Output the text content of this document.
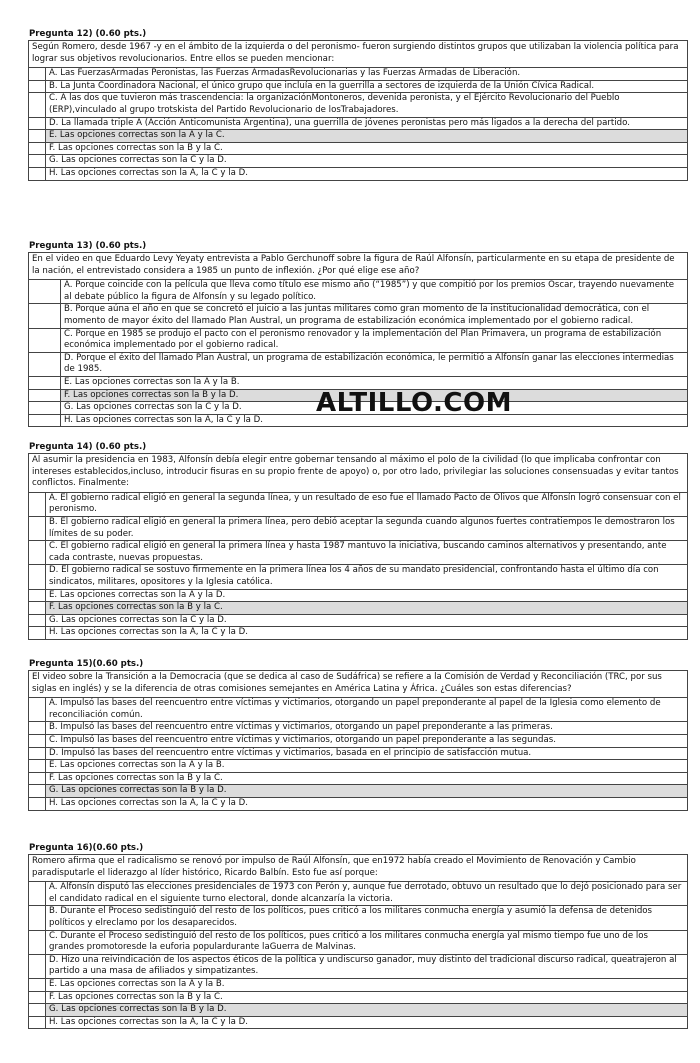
Pregunta 12) (0.60 pts.)
Según Romero, desde 1967 -y en el ámbito de la izquierda o del peronismo- fueron surgiendo distintos grupos que utilizaban la violencia política para lograr sus objetivos revolucionarios. Entre ellos se pueden mencionar:
A. Las FuerzasArmadas Peronistas, las Fuerzas ArmadasRevolucionarias y las Fuerzas Armadas de Liberación.
B. La Junta Coordinadora Nacional, el único grupo que incluía en la guerrilla a sectores de izquierda de la Unión Cívica Radical.
C. A las dos que tuvieron más trascendencia: la organizaciónMontoneros, devenida peronista, y el Ejército Revolucionario del Pueblo (ERP),vinculado al grupo trotskista del Partido Revolucionario de losTrabajadores.
D. La llamada triple A (Acción Anticomunista Argentina), una guerrilla de jóvenes peronistas pero más ligados a la derecha del partido.
E. Las opciones correctas son la A y la C.
F. Las opciones correctas son la B y la C.
G. Las opciones correctas son la C y la D.
H. Las opciones correctas son la A, la C y la D.
Pregunta 13) (0.60 pts.)
En el video en que Eduardo Levy Yeyaty entrevista a Pablo Gerchunoff sobre la figura de Raúl Alfonsín, particularmente en su etapa de presidente de la nación, el entrevistado considera a 1985 un punto de inflexión. ¿Por qué elige ese año?
A. Porque coincide con la película que lleva como título ese mismo año (“1985”) y que compitió por los premios Oscar, trayendo nuevamente al debate público la figura de Alfonsín y su legado político.
B. Porque aúna el año en que se concretó el juicio a las juntas militares como gran momento de la institucionalidad democrática, con el momento de mayor éxito del llamado Plan Austral, un programa de estabilización económica implementado por el gobierno radical.
C. Porque en 1985 se produjo el pacto con el peronismo renovador y la implementación del Plan Primavera, un programa de estabilización económica implementado por el gobierno radical.
D. Porque el éxito del llamado Plan Austral, un programa de estabilización económica, le permitió a Alfonsín ganar las elecciones intermedias de 1985.
E. Las opciones correctas son la A y la B.
F. Las opciones correctas son la B y la D.
G. Las opciones correctas son la C y la D.
H. Las opciones correctas son la A, la C y la D.
ALTILLO.COM
Pregunta 14) (0.60 pts.)
Al asumir la presidencia en 1983, Alfonsín debía elegir entre gobernar tensando al máximo el polo de la civilidad (lo que implicaba confrontar con intereses establecidos,incluso, introducir fisuras en su propio frente de apoyo) o, por otro lado, privilegiar las soluciones consensuadas y evitar tantos conflictos. Finalmente:
A. El gobierno radical eligió en general la segunda línea, y un resultado de eso fue el llamado Pacto de Olivos que Alfonsín logró consensuar con el peronismo.
B. El gobierno radical eligió en general la primera línea, pero debió aceptar la segunda cuando algunos fuertes contratiempos le demostraron los límites de su poder.
C. El gobierno radical eligió en general la primera línea y hasta 1987 mantuvo la iniciativa, buscando caminos alternativos y presentando, ante cada contraste, nuevas propuestas.
D. El gobierno radical se sostuvo firmemente en la primera línea los 4 años de su mandato presidencial, confrontando hasta el último día con sindicatos, militares, opositores y la Iglesia católica.
E. Las opciones correctas son la A y la D.
F. Las opciones correctas son la B y la C.
G. Las opciones correctas son la C y la D.
H. Las opciones correctas son la A, la C y la D.
Pregunta 15)(0.60 pts.)
El video sobre la Transición a la Democracia (que se dedica al caso de Sudáfrica) se refiere a la Comisión de Verdad y Reconciliación (TRC, por sus siglas en inglés) y se la diferencia de otras comisiones semejantes en América Latina y África. ¿Cuáles son estas diferencias?
A. Impulsó las bases del reencuentro entre víctimas y victimarios, otorgando un papel preponderante al papel de la Iglesia como elemento de reconciliación común.
B. Impulsó las bases del reencuentro entre víctimas y victimarios, otorgando un papel preponderante a las primeras.
C. Impulsó las bases del reencuentro entre víctimas y victimarios, otorgando un papel preponderante a las segundas.
D. Impulsó las bases del reencuentro entre víctimas y victimarios, basada en el principio de satisfacción mutua.
E. Las opciones correctas son la A y la B.
F. Las opciones correctas son la B y la C.
G. Las opciones correctas son la B y la D.
H. Las opciones correctas son la A, la C y la D.
Pregunta 16)(0.60 pts.)
Romero afirma que el radicalismo se renovó por impulso de Raúl Alfonsín, que en1972 había creado el Movimiento de Renovación y Cambio paradisputarle el liderazgo al líder histórico, Ricardo Balbín. Esto fue así porque:
A. Alfonsín disputó las elecciones presidenciales de 1973 con Perón y, aunque fue derrotado, obtuvo un resultado que lo dejó posicionado para ser el candidato radical en el siguiente turno electoral, donde alcanzaría la victoria.
B. Durante el Proceso sedistinguió del resto de los políticos, pues criticó a los militares conmucha energía y asumió la defensa de detenidos políticos y elreclamo por los desaparecidos.
C. Durante el Proceso sedistinguió del resto de los políticos, pues criticó a los militares conmucha energía yal mismo tiempo fue uno de los grandes promotoresde la euforia populardurante laGuerra de Malvinas.
D. Hizo una reivindicación de los aspectos éticos de la política y undiscurso ganador, muy distinto del tradicional discurso radical, queatrajeron al partido a una masa de afiliados y simpatizantes.
E. Las opciones correctas son la A y la B.
F. Las opciones correctas son la B y la C.
G. Las opciones correctas son la B y la D.
H. Las opciones correctas son la A, la C y la D.
